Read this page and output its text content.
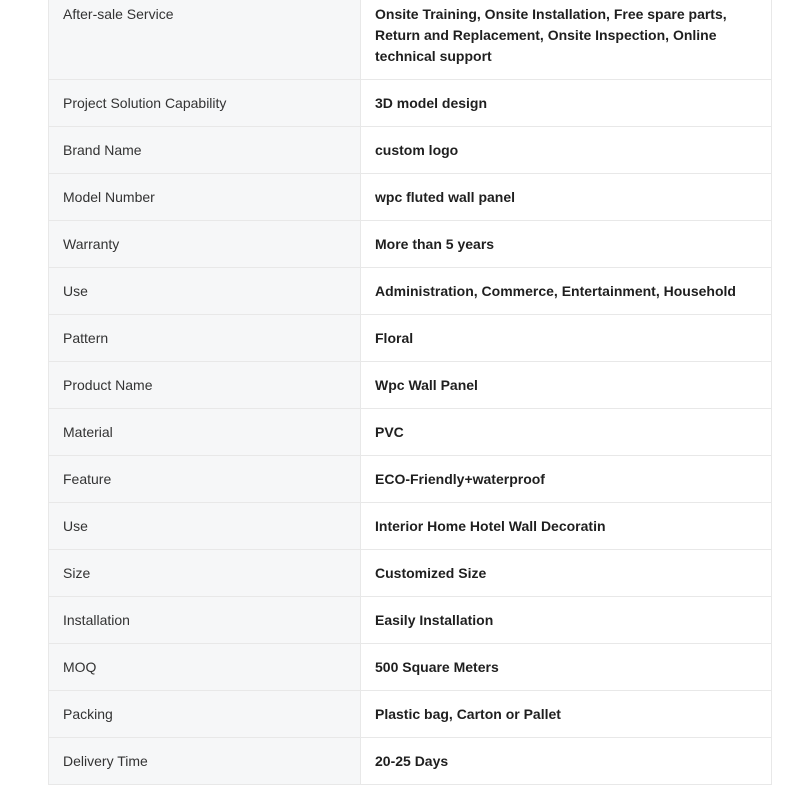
After-sale Service	Onsite Training, Onsite Installation, Free spare parts, Return and Replacement, Onsite Inspection, Online technical support
Project Solution Capability	3D model design
Brand Name	custom logo
Model Number	wpc fluted wall panel
Warranty	More than 5 years
Use	Administration, Commerce, Entertainment, Household
Pattern	Floral
Product Name	Wpc Wall Panel
Material	PVC
Feature	ECO-Friendly+waterproof
Use	Interior Home Hotel Wall Decoratin
Size	Customized Size
Installation	Easily Installation
MOQ	500 Square Meters
Packing	Plastic bag, Carton or Pallet
Delivery Time	20-25 Days
